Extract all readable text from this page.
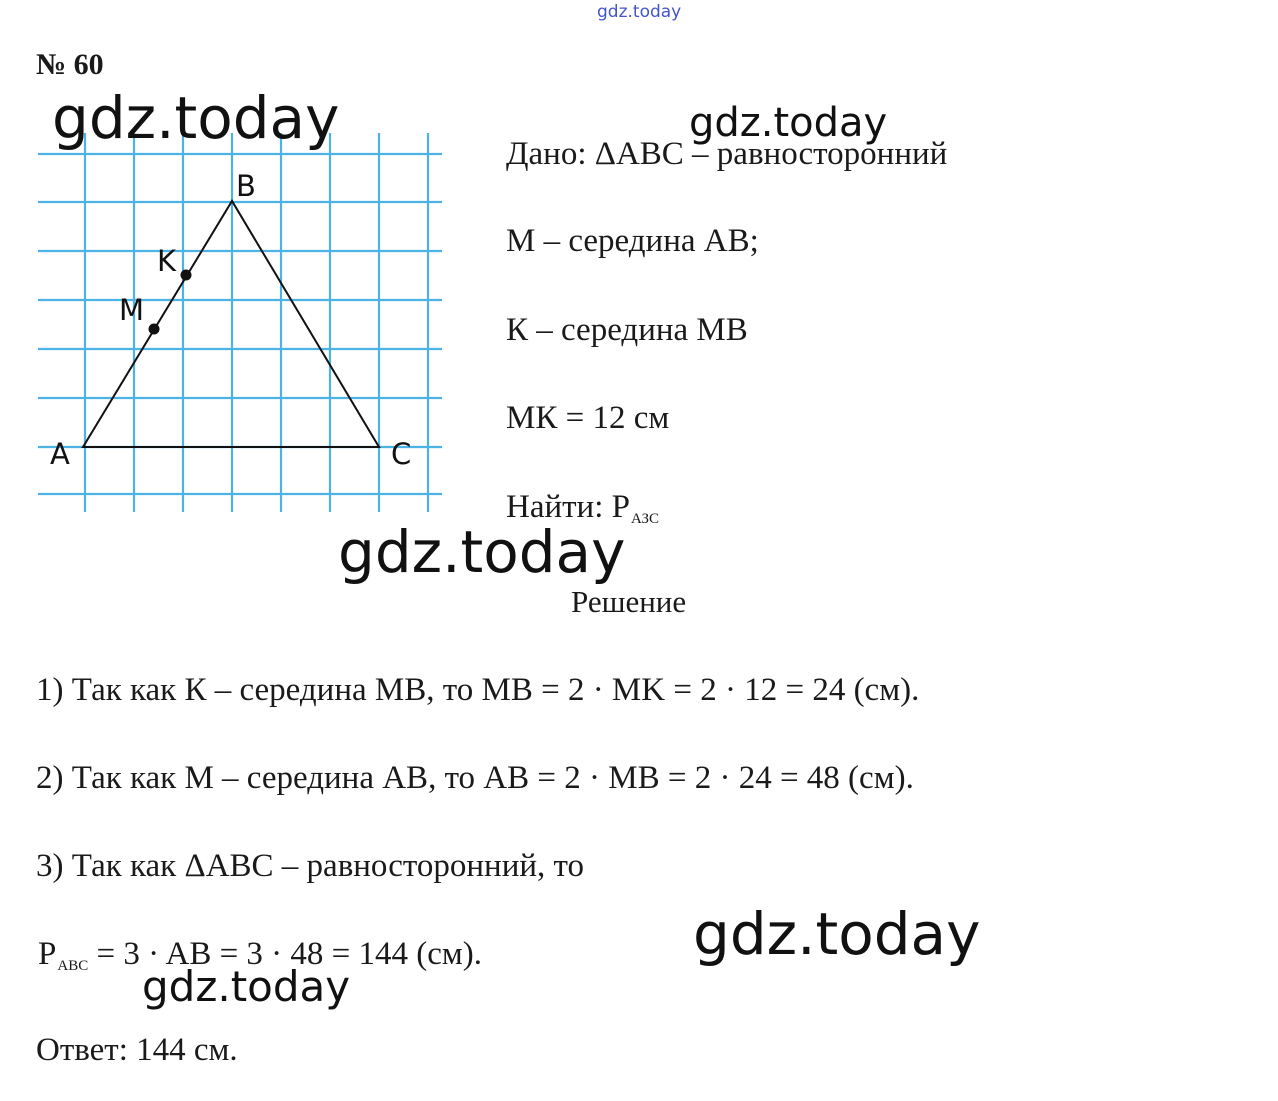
gdz.today
№ 60
B
K
M
A	C
gdz.today	gdz.today
gdz.today
gdz.today
gdz.today
Дано: ΔABC – равносторонний
M – середина AB;
К – середина MB
МК = 12 см
Найти: $P_{АЗС}$
Решение
1) Так как К – середина MB, то MB = 2 · MK = 2 · 12 = 24 (см).
2) Так как M – середина AB, то AB = 2 · MB = 2 · 24 = 48 (см).
3) Так как ΔABC – равносторонний, то
$P_{ABC} = 3$ · AB = 3 · 48 = 144 (см).
Ответ: 144 см.
